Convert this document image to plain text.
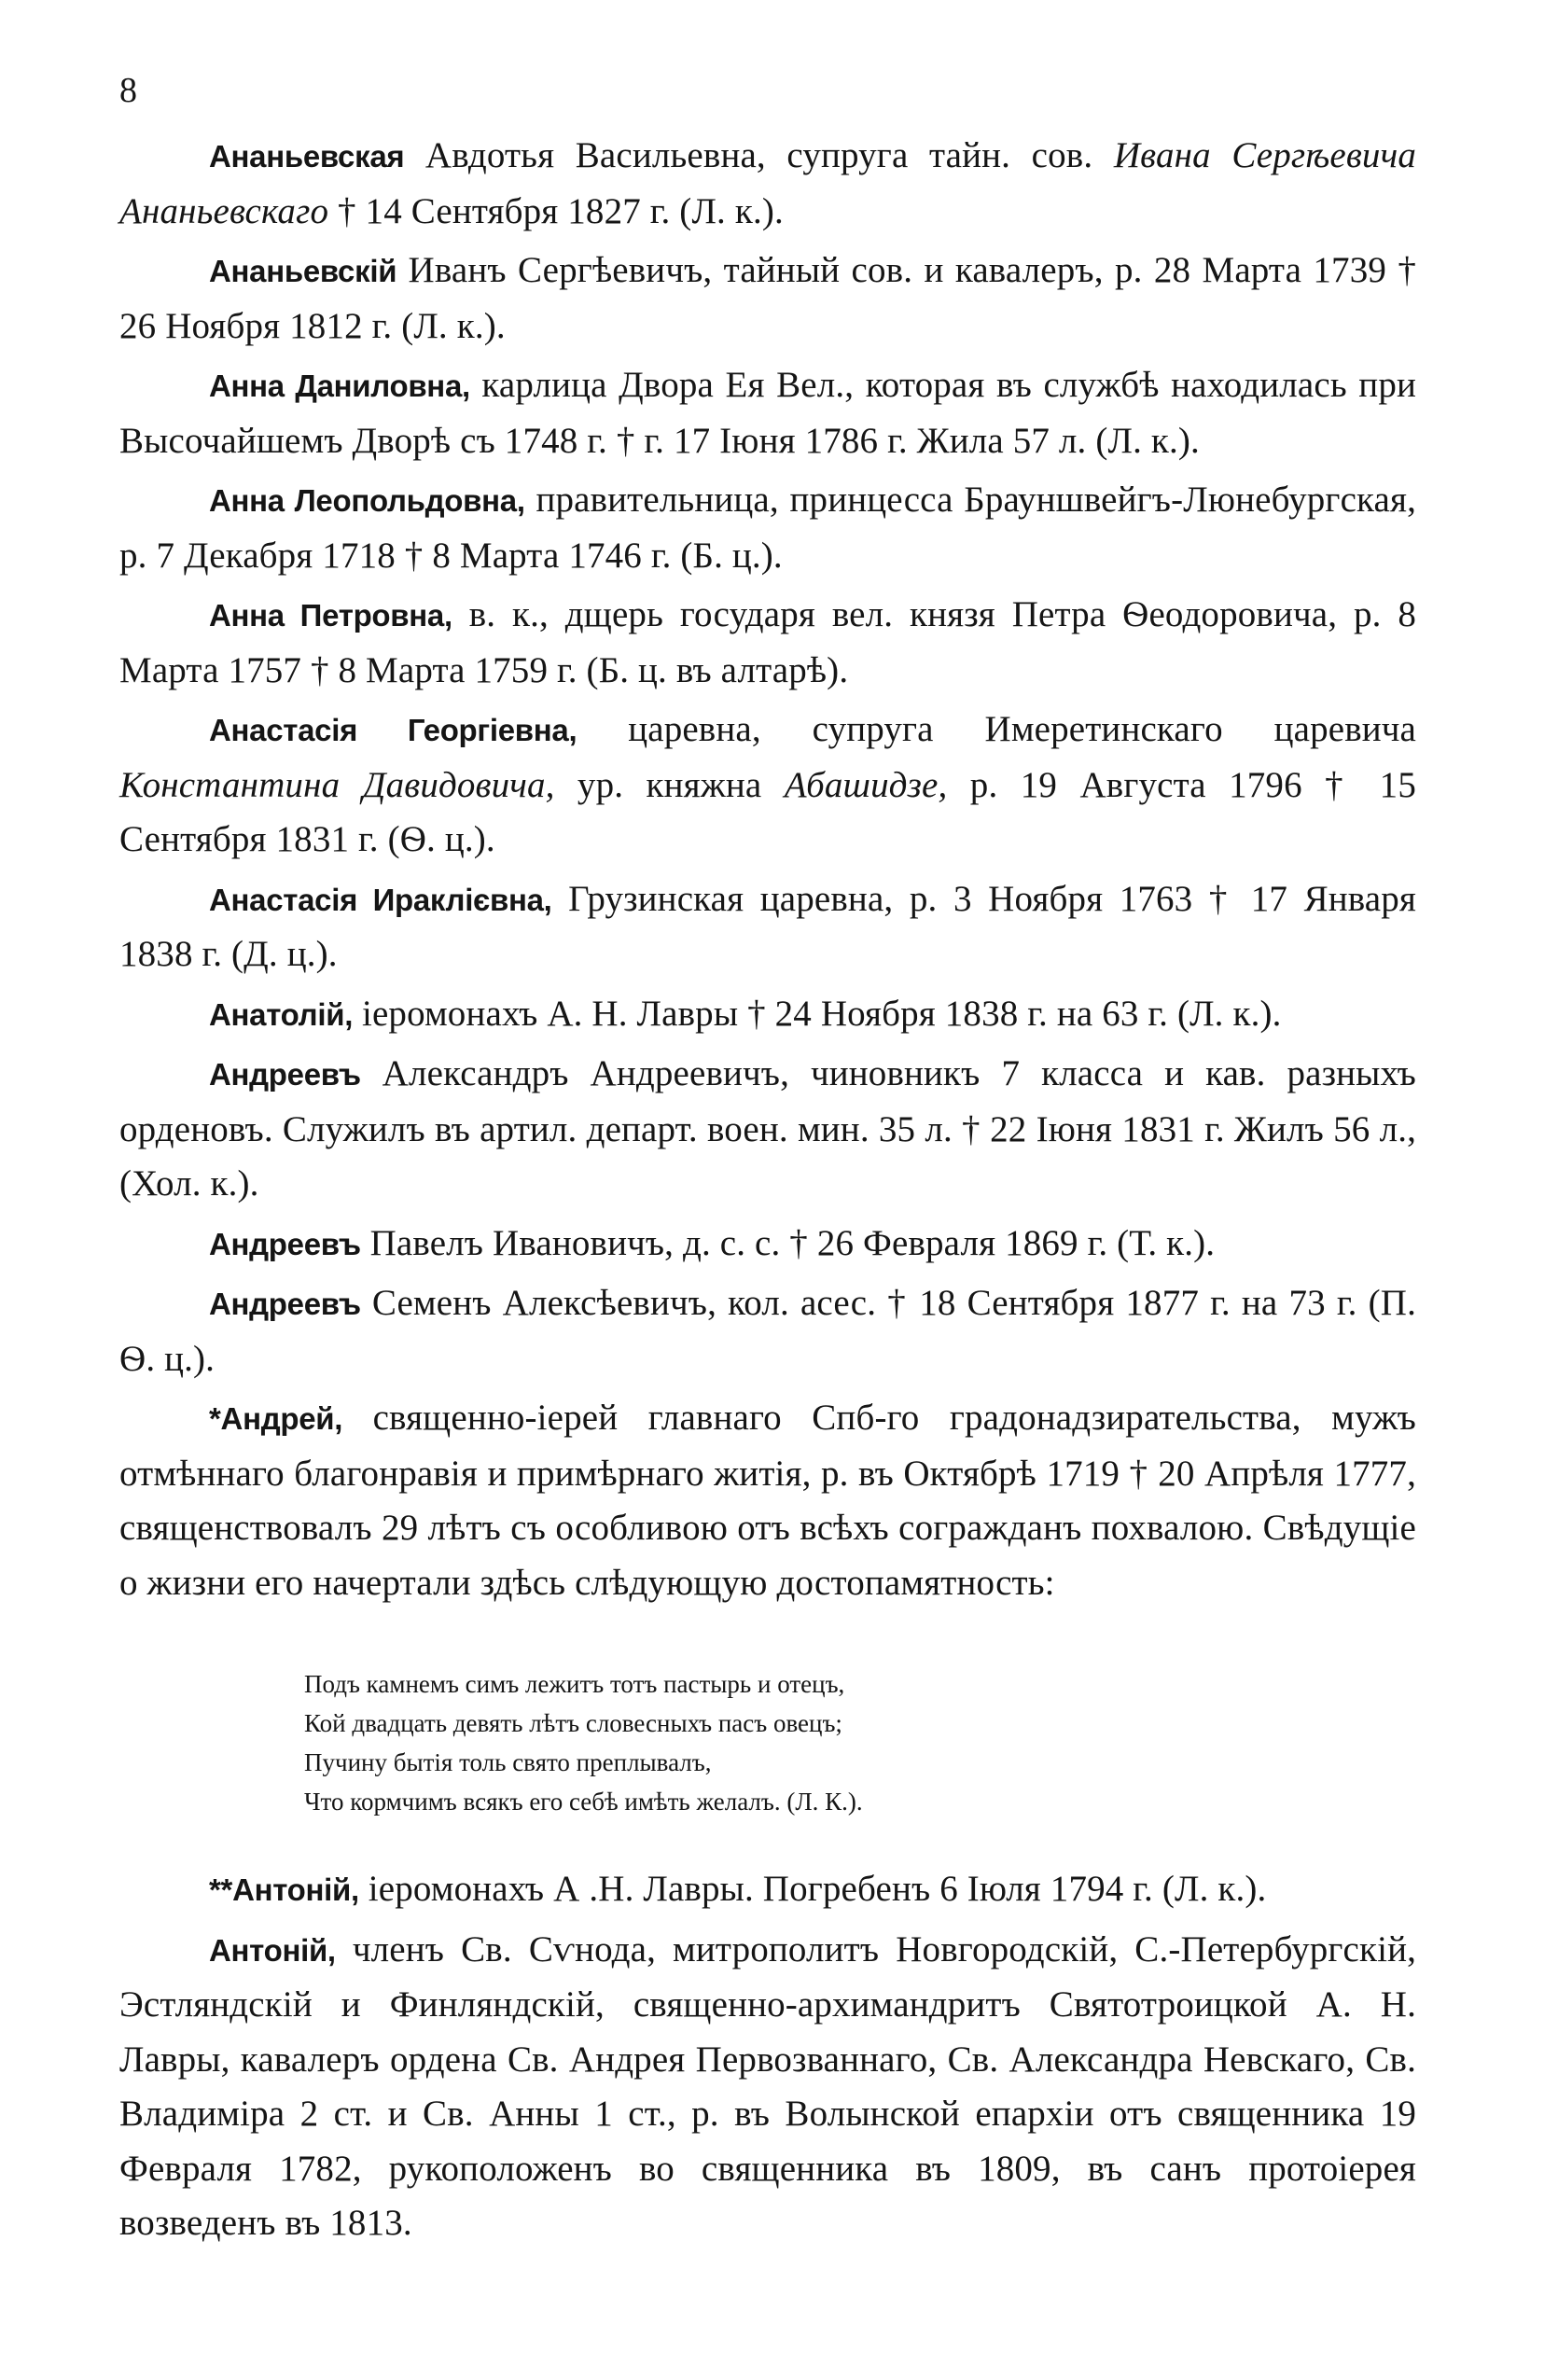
8

Ананьевская Авдотья Васильевна, супруга тайн. сов. Ивана Сергѣевича Ананьевскаго † 14 Сентября 1827 г. (Л. к.).

Ананьевскій Иванъ Сергѣевичъ, тайный сов. и кавалеръ, р. 28 Марта 1739 † 26 Ноября 1812 г. (Л. к.).

Анна Даниловна, карлица Двора Ея Вел., которая въ службѣ находилась при Высочайшемъ Дворѣ съ 1748 г. † г. 17 Іюня 1786 г. Жила 57 л. (Л. к.).

Анна Леопольдовна, правительница, принцесса Брауншвейгъ-Люнебургская, р. 7 Декабря 1718 † 8 Марта 1746 г. (Б. ц.).

Анна Петровна, в. к., дщерь государя вел. князя Петра Ѳеодоровича, р. 8 Марта 1757 † 8 Марта 1759 г. (Б. ц. въ алтарѣ).

Анастасія Георгіевна, царевна, супруга Имеретинскаго царевича Константина Давидовича, ур. княжна Абашидзе, р. 19 Августа 1796 † 15 Сентября 1831 г. (Ѳ. ц.).

Анастасія Ираклієвна, Грузинская царевна, р. 3 Ноября 1763 † 17 Января 1838 г. (Д. ц.).

Анатолій, іеромонахъ А. Н. Лавры † 24 Ноября 1838 г. на 63 г. (Л. к.).

Андреевъ Александръ Андреевичъ, чиновникъ 7 класса и кав. разныхъ орденовъ. Служилъ въ артил. департ. воен. мин. 35 л. † 22 Іюня 1831 г. Жилъ 56 л., (Хол. к.).

Андреевъ Павелъ Ивановичъ, д. с. с. † 26 Февраля 1869 г. (Т. к.).

Андреевъ Семенъ Алексѣевичъ, кол. асес. † 18 Сентября 1877 г. на 73 г. (П. Ѳ. ц.).

*Андрей, священно-іерей главнаго Спб-го градонадзирательства, мужъ отмѣннаго благонравія и примѣрнаго житія, р. въ Октябрѣ 1719 † 20 Апрѣля 1777, священствовалъ 29 лѣтъ съ особливою отъ всѣхъ согражданъ похвалою. Свѣдущіе о жизни его начертали здѣсь слѣдующую достопамятность:

Подъ камнемъ симъ лежитъ тотъ пастырь и отецъ,
Кой двадцать девять лѣтъ словесныхъ пасъ овецъ;
Пучину бытія толь свято преплывалъ,
Что кормчимъ всякъ его себѣ имѣть желалъ. (Л. К.).

**Антоній, іеромонахъ А .Н. Лавры. Погребенъ 6 Іюля 1794 г. (Л. к.).

Антоній, членъ Св. Сѵнода, митрополитъ Новгородскій, С.-Петербургскій, Эстляндскій и Финляндскій, священно-архимандритъ Святотроицкой А. Н. Лавры, кавалеръ ордена Св. Андрея Первозваннаго, Св. Александра Невскаго, Св. Владиміра 2 ст. и Св. Анны 1 ст., р. въ Волынской епархіи отъ священника 19 Февраля 1782, рукоположенъ во священника въ 1809, въ санъ протоіерея возведенъ въ 1813.
